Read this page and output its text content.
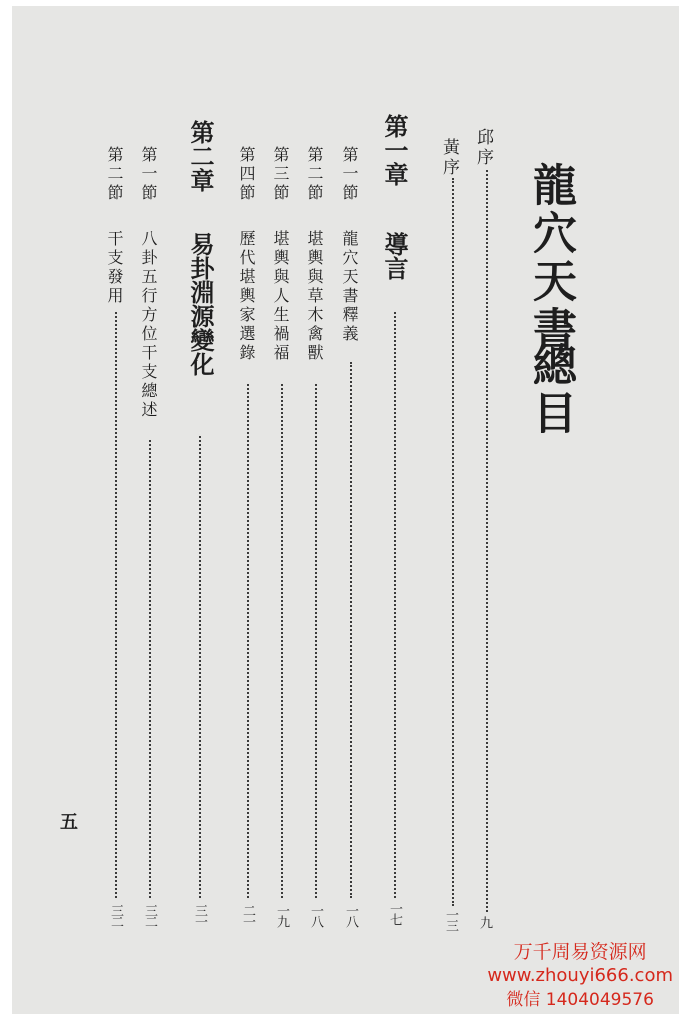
龍穴天書
總目
邱序
九
黃序
一三
第一章
導言
一七
第一節
龍穴天書釋義
一八
第二節
堪輿與草木禽獸
一八
第三節
堪輿與人生禍福
一九
第四節
歷代堪輿家選錄
二一
第二章
易卦淵源變化
三一
第一節
八卦五行方位干支總述
三二
第二節
干支發用
三二
五
万千周易资源网
www.zhouyi666.com
微信 1404049576
